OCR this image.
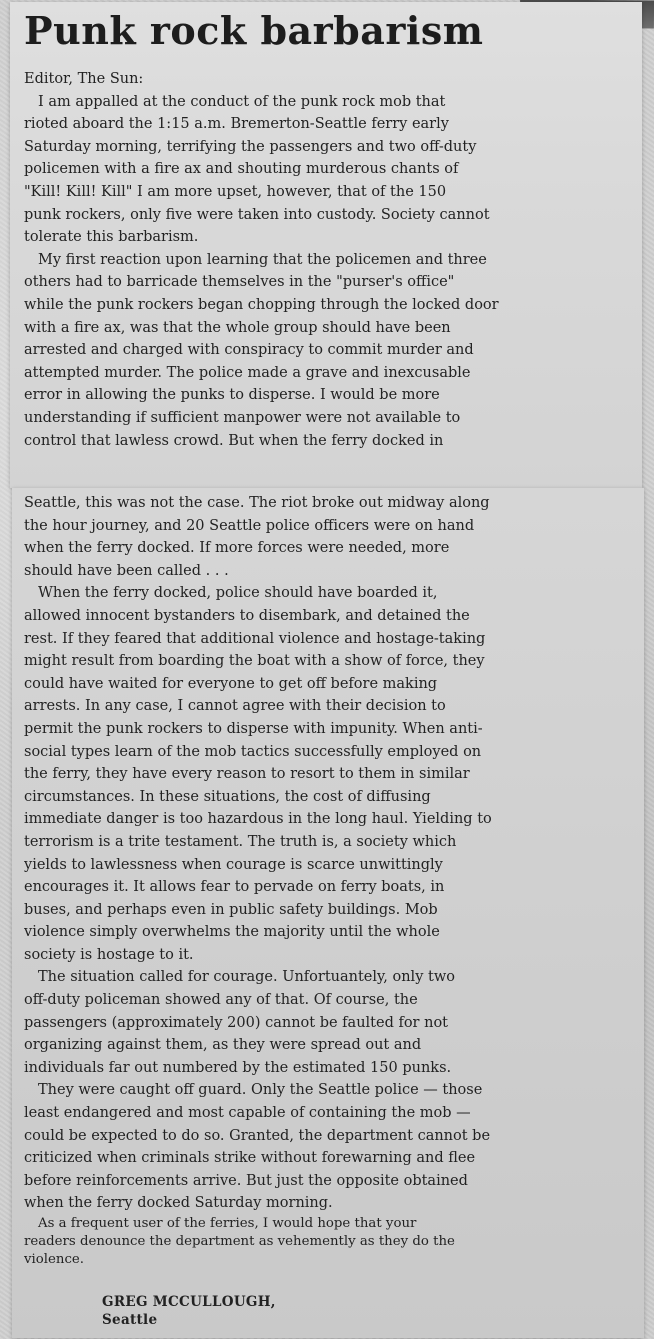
Punk rock barbarism
Editor, The Sun:
I am appalled at the conduct of the punk rock mob that
rioted aboard the 1:15 a.m. Bremerton-Seattle ferry early
Saturday morning, terrifying the passengers and two off-duty
policemen with a fire ax and shouting murderous chants of
"Kill! Kill! Kill" I am more upset, however, that of the 150
punk rockers, only five were taken into custody. Society cannot
tolerate this barbarism.
My first reaction upon learning that the policemen and three
others had to barricade themselves in the "purser's office"
while the punk rockers began chopping through the locked door
with a fire ax, was that the whole group should have been
arrested and charged with conspiracy to commit murder and
attempted murder. The police made a grave and inexcusable
error in allowing the punks to disperse. I would be more
understanding if sufficient manpower were not available to
control that lawless crowd. But when the ferry docked in
Seattle, this was not the case. The riot broke out midway along
the hour journey, and 20 Seattle police officers were on hand
when the ferry docked. If more forces were needed, more
should have been called . . .
When the ferry docked, police should have boarded it,
allowed innocent bystanders to disembark, and detained the
rest. If they feared that additional violence and hostage-taking
might result from boarding the boat with a show of force, they
could have waited for everyone to get off before making
arrests. In any case, I cannot agree with their decision to
permit the punk rockers to disperse with impunity. When anti-
social types learn of the mob tactics successfully employed on
the ferry, they have every reason to resort to them in similar
circumstances. In these situations, the cost of diffusing
immediate danger is too hazardous in the long haul. Yielding to
terrorism is a trite testament. The truth is, a society which
yields to lawlessness when courage is scarce unwittingly
encourages it. It allows fear to pervade on ferry boats, in
buses, and perhaps even in public safety buildings. Mob
violence simply overwhelms the majority until the whole
society is hostage to it.
The situation called for courage. Unfortuantely, only two
off-duty policeman showed any of that. Of course, the
passengers (approximately 200) cannot be faulted for not
organizing against them, as they were spread out and
individuals far out numbered by the estimated 150 punks.
They were caught off guard. Only the Seattle police — those
least endangered and most capable of containing the mob —
could be expected to do so. Granted, the department cannot be
criticized when criminals strike without forewarning and flee
before reinforcements arrive. But just the opposite obtained
when the ferry docked Saturday morning.
As a frequent user of the ferries, I would hope that your
readers denounce the department as vehemently as they do the
violence.
GREG MCCULLOUGH,
Seattle
